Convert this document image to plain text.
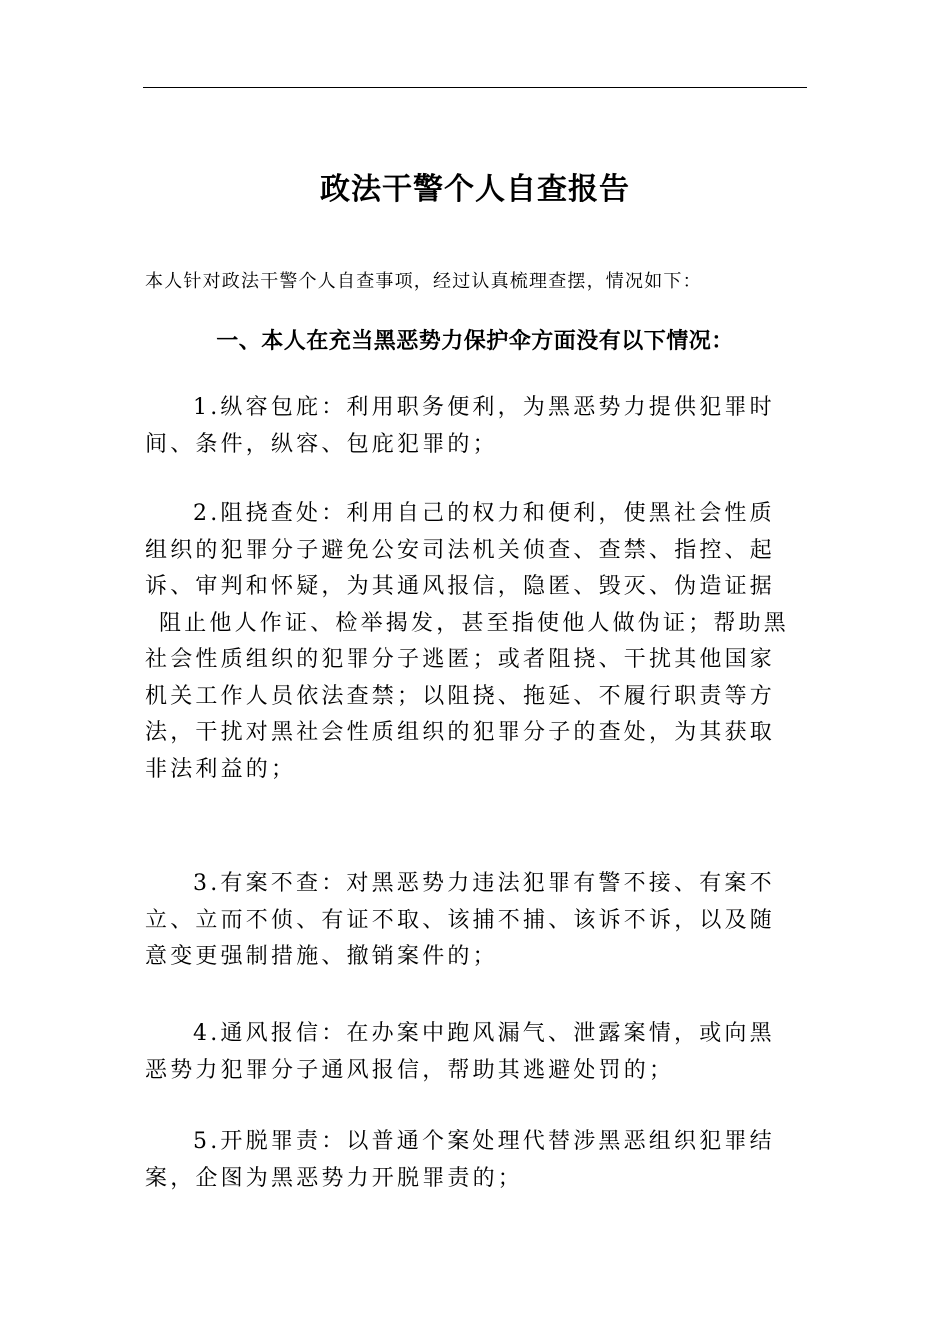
政法干警个人自查报告
本人针对政法干警个人自查事项，经过认真梳理查摆，情况如下：
一、本人在充当黑恶势力保护伞方面没有以下情况：
1.纵容包庇：利用职务便利，为黑恶势力提供犯罪时
间、条件，纵容、包庇犯罪的；
2.阻挠查处：利用自己的权力和便利，使黑社会性质
组织的犯罪分子避免公安司法机关侦查、查禁、指控、起
诉、审判和怀疑，为其通风报信，隐匿、毁灭、伪造证据
阻止他人作证、检举揭发，甚至指使他人做伪证；帮助黑
社会性质组织的犯罪分子逃匿；或者阻挠、干扰其他国家
机关工作人员依法查禁；以阻挠、拖延、不履行职责等方
法，干扰对黑社会性质组织的犯罪分子的查处，为其获取
非法利益的；
3.有案不查：对黑恶势力违法犯罪有警不接、有案不
立、立而不侦、有证不取、该捕不捕、该诉不诉，以及随
意变更强制措施、撤销案件的；
4.通风报信：在办案中跑风漏气、泄露案情，或向黑
恶势力犯罪分子通风报信，帮助其逃避处罚的；
5.开脱罪责：以普通个案处理代替涉黑恶组织犯罪结
案，企图为黑恶势力开脱罪责的；
